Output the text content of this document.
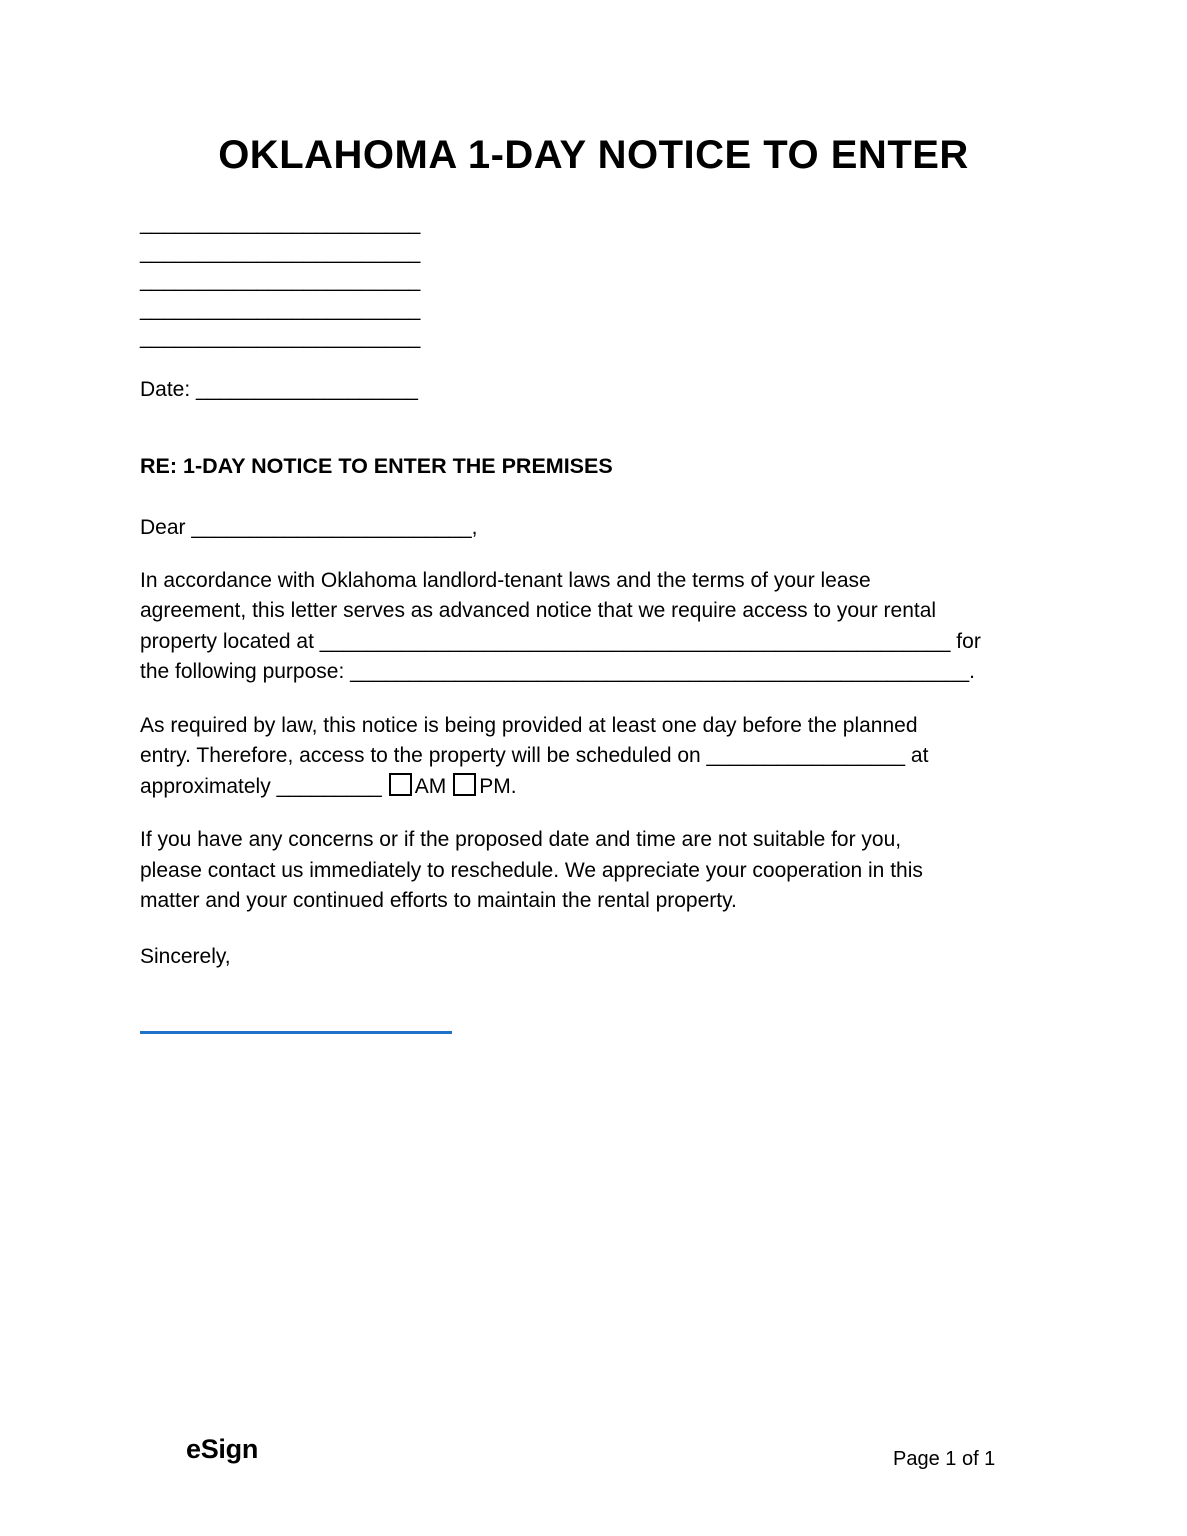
OKLAHOMA 1-DAY NOTICE TO ENTER
________________________
________________________
________________________
________________________
________________________
Date: ___________________

RE: 1-DAY NOTICE TO ENTER THE PREMISES

Dear ________________________,

In accordance with Oklahoma landlord-tenant laws and the terms of your lease
agreement, this letter serves as advanced notice that we require access to your rental
property located at ______________________________________________________ for
the following purpose: _____________________________________________________.
As required by law, this notice is being provided at least one day before the planned
entry. Therefore, access to the property will be scheduled on _________________ at
approximately _________ AM PM.
If you have any concerns or if the proposed date and time are not suitable for you,
please contact us immediately to reschedule. We appreciate your cooperation in this
matter and your continued efforts to maintain the rental property.

Sincerely,

eSign	Page 1 of 1
